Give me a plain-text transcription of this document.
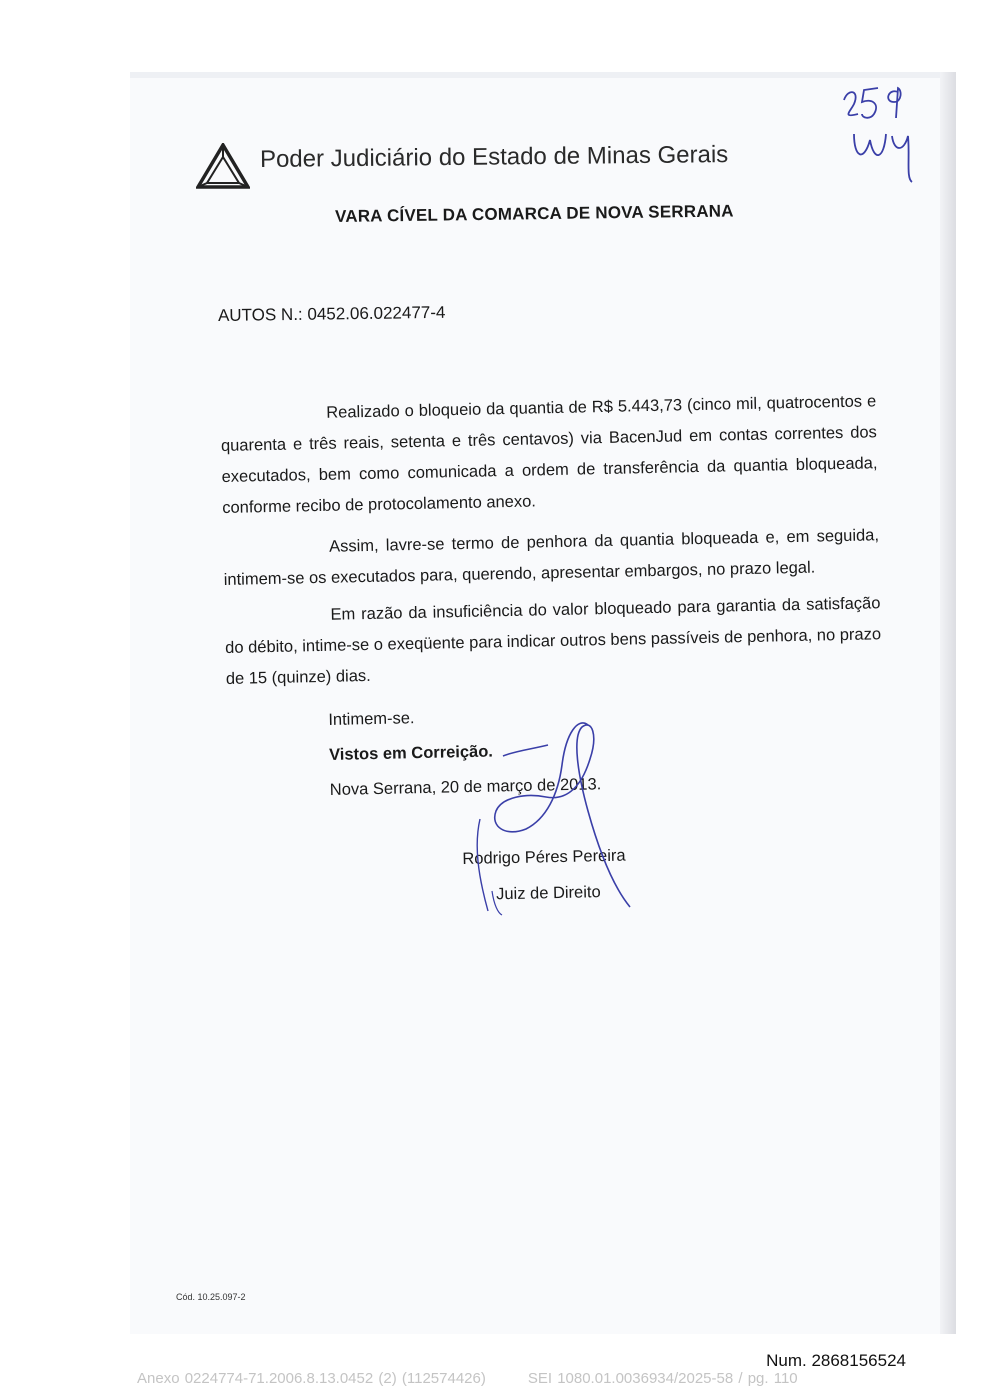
Poder Judiciário do Estado de Minas Gerais
VARA CÍVEL DA COMARCA DE NOVA SERRANA
AUTOS N.: 0452.06.022477-4

Realizado o bloqueio da quantia de R$ 5.443,73 (cinco mil, quatrocentos e quarenta e três reais, setenta e três centavos) via BacenJud em contas correntes dos executados, bem como comunicada a ordem de transferência da quantia bloqueada, conforme recibo de protocolamento anexo.

Assim, lavre-se termo de penhora da quantia bloqueada e, em seguida, intimem-se os executados para, querendo, apresentar embargos, no prazo legal.

Em razão da insuficiência do valor bloqueado para garantia da satisfação do débito, intime-se o exeqüente para indicar outros bens passíveis de penhora, no prazo de 15 (quinze) dias.

Intimem-se.
Vistos em Correição.
Nova Serrana, 20 de março de 2013.
Rodrigo Péres Pereira
Juiz de Direito
Cód. 10.25.097-2
Num. 2868156524
Anexo 0224774-71.2006.8.13.0452 (2) (112574426)	SEI 1080.01.0036934/2025-58 / pg. 110
